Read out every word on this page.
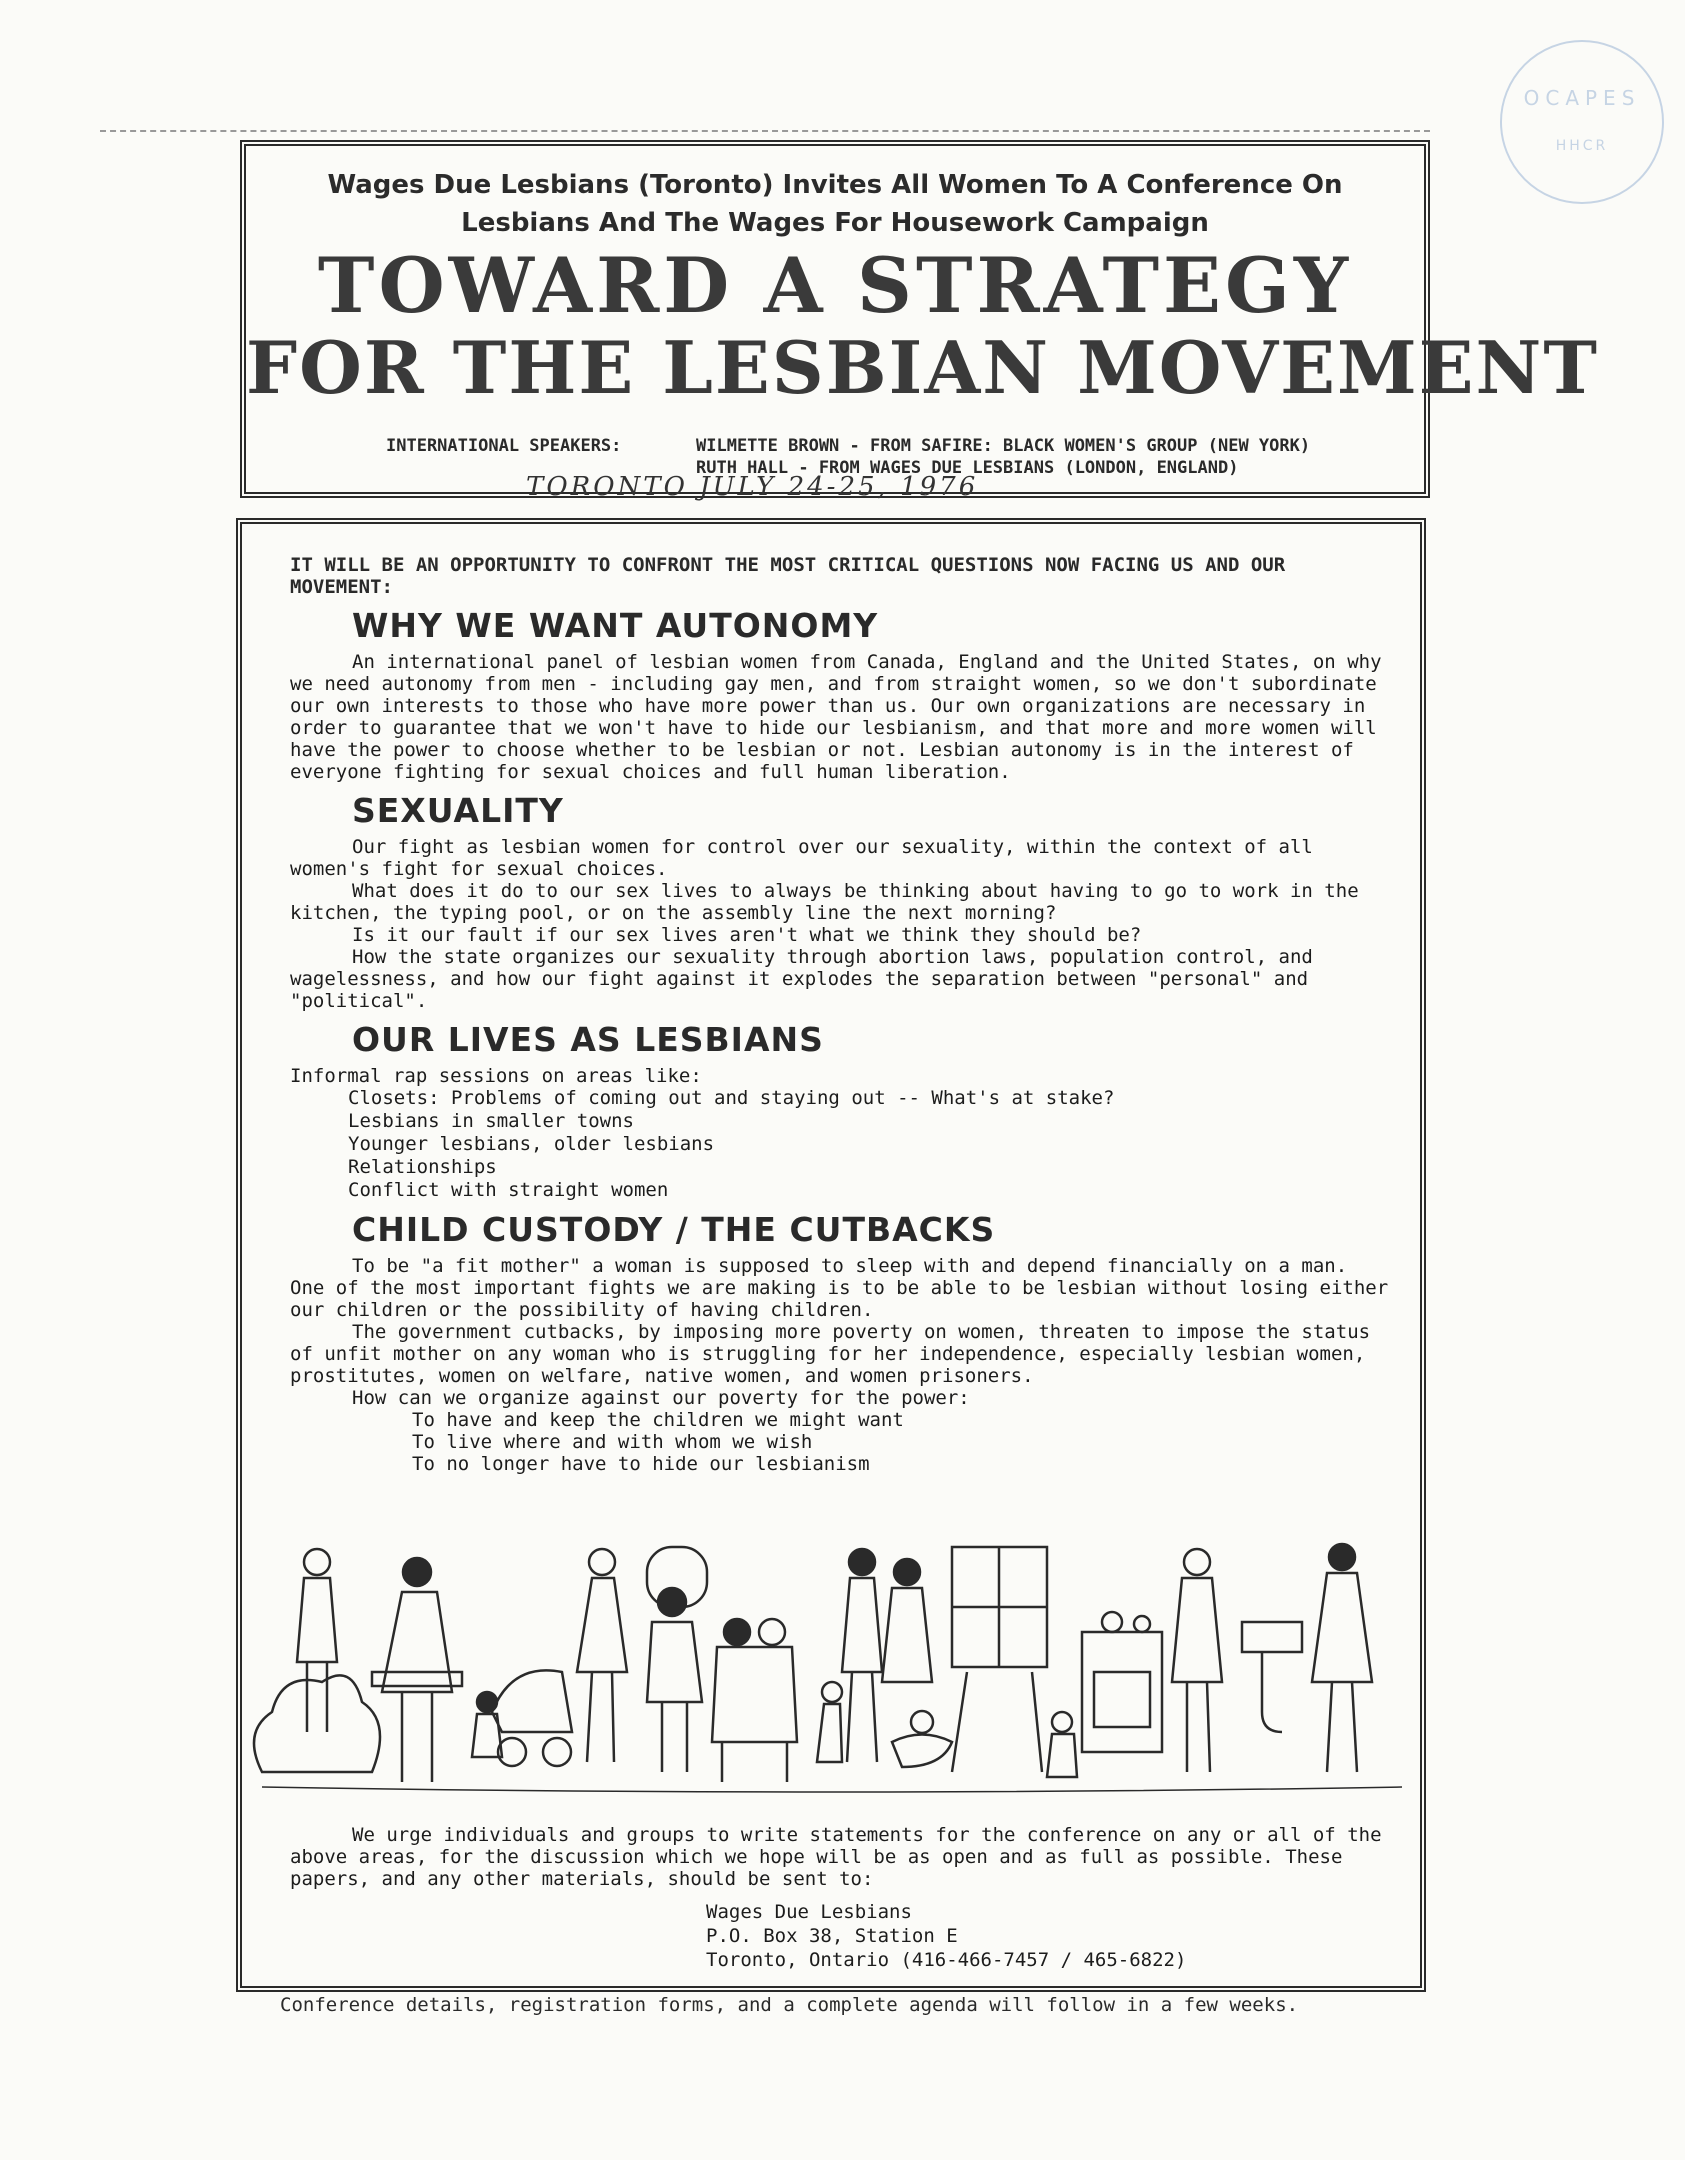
OCAPES
HHCR
Wages Due Lesbians (Toronto) Invites All Women To A Conference On
Lesbians And The Wages For Housework Campaign
TOWARD A STRATEGY
FOR THE LESBIAN MOVEMENT
INTERNATIONAL SPEAKERS:	WILMETTE BROWN - FROM SAFIRE: BLACK WOMEN'S GROUP (NEW YORK)
RUTH HALL - FROM WAGES DUE LESBIANS (LONDON, ENGLAND)
TORONTO JULY 24-25, 1976

IT WILL BE AN OPPORTUNITY TO CONFRONT THE MOST CRITICAL QUESTIONS NOW FACING US AND OUR MOVEMENT:

WHY WE WANT AUTONOMY

An international panel of lesbian women from Canada, England and the United States, on why we need autonomy from men - including gay men, and from straight women, so we don't subordinate our own interests to those who have more power than us. Our own organizations are necessary in order to guarantee that we won't have to hide our lesbianism, and that more and more women will have the power to choose whether to be lesbian or not. Lesbian autonomy is in the interest of everyone fighting for sexual choices and full human liberation.

SEXUALITY

Our fight as lesbian women for control over our sexuality, within the context of all women's fight for sexual choices.

What does it do to our sex lives to always be thinking about having to go to work in the kitchen, the typing pool, or on the assembly line the next morning?

Is it our fault if our sex lives aren't what we think they should be?

How the state organizes our sexuality through abortion laws, population control, and wagelessness, and how our fight against it explodes the separation between "personal" and "political".

OUR LIVES AS LESBIANS

Informal rap sessions on areas like:

Closets: Problems of coming out and staying out -- What's at stake?
Lesbians in smaller towns
Younger lesbians, older lesbians
Relationships
Conflict with straight women
CHILD CUSTODY / THE CUTBACKS

To be "a fit mother" a woman is supposed to sleep with and depend financially on a man. One of the most important fights we are making is to be able to be lesbian without losing either our children or the possibility of having children.

The government cutbacks, by imposing more poverty on women, threaten to impose the status of unfit mother on any woman who is struggling for her independence, especially lesbian women, prostitutes, women on welfare, native women, and women prisoners.

How can we organize against our poverty for the power:

To have and keep the children we might want
To live where and with whom we wish
To no longer have to hide our lesbianism

We urge individuals and groups to write statements for the conference on any or all of the above areas, for the discussion which we hope will be as open and as full as possible. These papers, and any other materials, should be sent to:

Wages Due Lesbians
P.O. Box 38, Station E
Toronto, Ontario (416-466-7457 / 465-6822)
Conference details, registration forms, and a complete agenda will follow in a few weeks.
